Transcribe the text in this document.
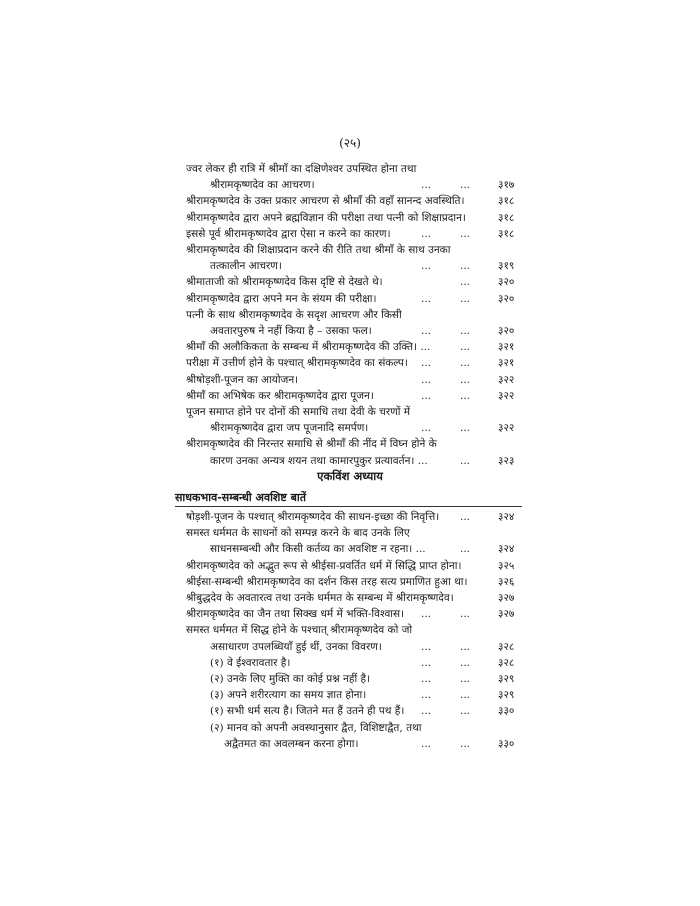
(२५)
ज्वर लेकर ही रात्रि में श्रीमाँ का दक्षिणेश्वर उपस्थित होना तथा
श्रीरामकृष्णदेव का आचरण।	...	...	३१७
श्रीरामकृष्णदेव के उक्त प्रकार आचरण से श्रीमाँ की वहाँ सानन्द अवस्थिति।	३१८
श्रीरामकृष्णदेव द्वारा अपने ब्रह्मविज्ञान की परीक्षा तथा पत्नी को शिक्षाप्रदान।	३१८
इससे पूर्व श्रीरामकृष्णदेव द्वारा ऐसा न करने का कारण।	...	...	३१८
श्रीरामकृष्णदेव की शिक्षाप्रदान करने की रीति तथा श्रीमाँ के साथ उनका
तत्कालीन आचरण।	...	...	३१९
श्रीमाताजी को श्रीरामकृष्णदेव किस दृष्टि से देखते थे।	...	३२०
श्रीरामकृष्णदेव द्वारा अपने मन के संयम की परीक्षा।	...	...	३२०
पत्नी के साथ श्रीरामकृष्णदेव के सदृश आचरण और किसी
अवतारपुरुष ने नहीं किया है – उसका फल।	...	...	३२०
श्रीमाँ की अलौकिकता के सम्बन्ध में श्रीरामकृष्णदेव की उक्ति। ...	...	३२१
परीक्षा में उत्तीर्ण होने के पश्चात् श्रीरामकृष्णदेव का संकल्प। ...	...	३२१
श्रीषोड़शी-पूजन का आयोजन।	...	...	३२२
श्रीमाँ का अभिषेक कर श्रीरामकृष्णदेव द्वारा पूजन।	...	...	३२२
पूजन समाप्त होने पर दोनों की समाधि तथा देवी के चरणों में
श्रीरामकृष्णदेव द्वारा जप पूजनादि समर्पण।	...	...	३२२
श्रीरामकृष्णदेव की निरन्तर समाधि से श्रीमाँ की नींद में विघ्न होने के
कारण उनका अन्यत्र शयन तथा कामारपुकुर प्रत्यावर्तन। ...	...	३२३
षोड़शी-पूजन के पश्चात् श्रीरामकृष्णदेव की साधन-इच्छा की निवृत्ति। ...	३२४
समस्त धर्ममत के साधनों को सम्पन्न करने के बाद उनके लिए
साधनसम्बन्धी और किसी कर्तव्य का अवशिष्ट न रहना। ...	...	३२४
श्रीरामकृष्णदेव को अद्भुत रूप से श्रीईसा-प्रवर्तित धर्म में सिद्धि प्राप्त होना।	३२५
श्रीईसा-सम्बन्धी श्रीरामकृष्णदेव का दर्शन किस तरह सत्य प्रमाणित हुआ था।	३२६
श्रीबुद्धदेव के अवतारत्व तथा उनके धर्ममत के सम्बन्ध में श्रीरामकृष्णदेव।	३२७
श्रीरामकृष्णदेव का जैन तथा सिक्ख धर्म में भक्ति-विश्वास। ...	...	३२७
समस्त धर्ममत में सिद्ध होने के पश्चात् श्रीरामकृष्णदेव को जो
असाधारण उपलब्धियाँ हुई थीं, उनका विवरण।	...	...	३२८
(१) वे ईश्वरावतार है।	...	...	३२८
(२) उनके लिए मुक्ति का कोई प्रश्न नहीं है।	...	...	३२९
(३) अपने शरीरत्याग का समय ज्ञात होना।	...	...	३२९
(१) सभी धर्म सत्य है। जितने मत हैं उतने ही पथ हैं। ...	...	३३०
(२) मानव को अपनी अवस्थानुसार द्वैत, विशिष्टाद्वैत, तथा
अद्वैतमत का अवलम्बन करना होगा।	...	...	३३०
एकविंश अध्याय
साधकभाव-सम्बन्धी अवशिष्ट बातें
